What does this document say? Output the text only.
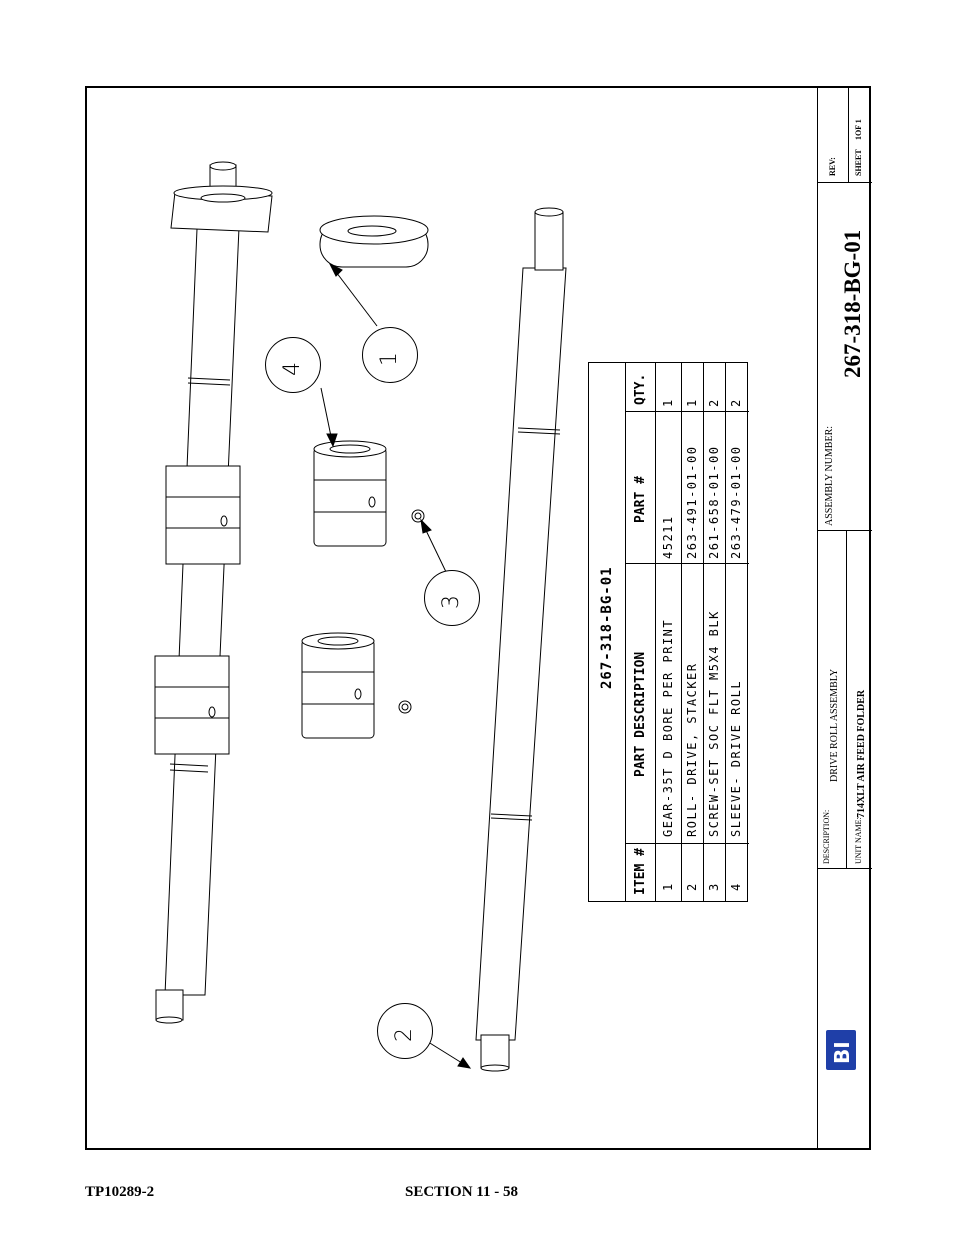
1
4
3
2
267-318-BG-01
ITEM #
PART DESCRIPTION
PART #
QTY.
1
GEAR-35T D BORE PER PRINT
45211
1
2
ROLL- DRIVE, STACKER
263-491-01-00
1
3
SCREW-SET SOC FLT M5X4 BLK
261-658-01-00
2
4
SLEEVE- DRIVE ROLL
263-479-01-00
2
REV: SHEET
1OF 1
ASSEMBLY NUMBER:
267-318-BG-01
DESCRIPTION:
DRIVE ROLL ASSEMBLY
UNIT NAME:
714XLT AIR FEED FOLDER
BI
TP10289-2	SECTION 11 - 58
